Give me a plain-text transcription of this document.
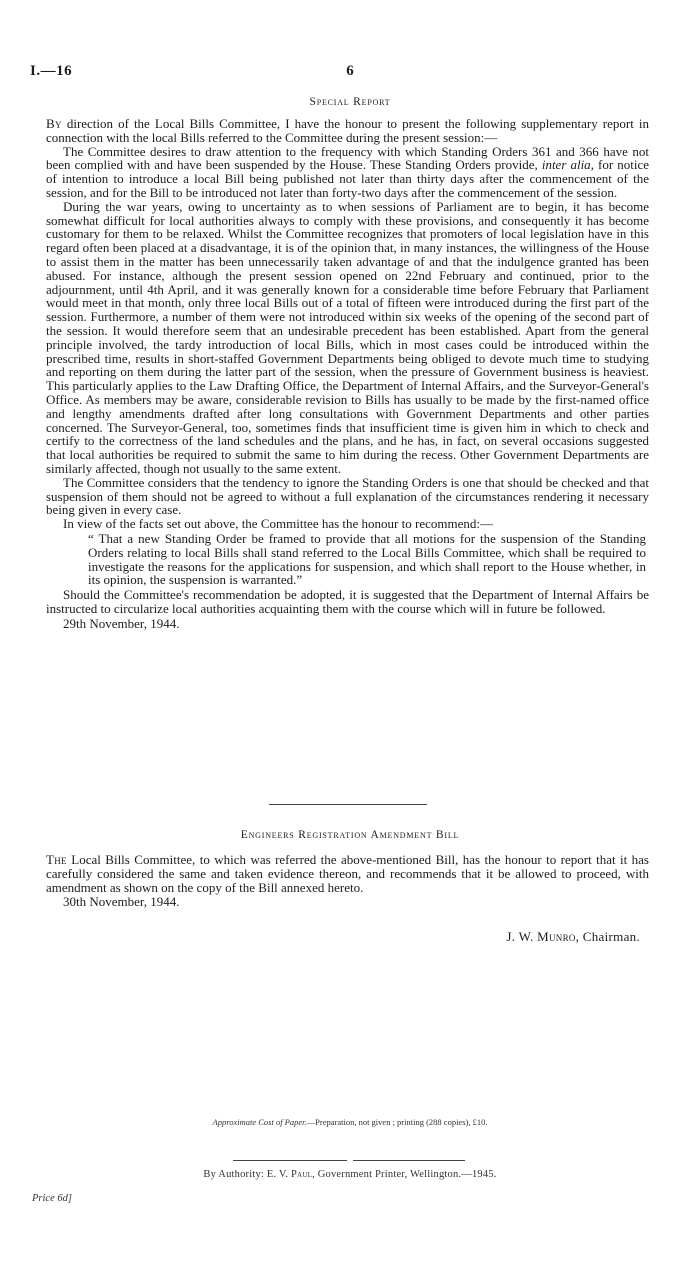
I.—16	6
Special Report

By direction of the Local Bills Committee, I have the honour to present the following supplementary report in connection with the local Bills referred to the Committee during the present session:—

The Committee desires to draw attention to the frequency with which Standing Orders 361 and 366 have not been complied with and have been suspended by the House. These Standing Orders provide, inter alia, for notice of intention to introduce a local Bill being published not later than thirty days after the commencement of the session, and for the Bill to be introduced not later than forty-two days after the commencement of the session.

During the war years, owing to uncertainty as to when sessions of Parliament are to begin, it has become somewhat difficult for local authorities always to comply with these provisions, and consequently it has become customary for them to be relaxed. Whilst the Committee recognizes that promoters of local legislation have in this regard often been placed at a disadvantage, it is of the opinion that, in many instances, the willingness of the House to assist them in the matter has been unnecessarily taken advantage of and that the indulgence granted has been abused. For instance, although the present session opened on 22nd February and continued, prior to the adjournment, until 4th April, and it was generally known for a considerable time before February that Parliament would meet in that month, only three local Bills out of a total of fifteen were introduced during the first part of the session. Furthermore, a number of them were not introduced within six weeks of the opening of the second part of the session. It would therefore seem that an undesirable precedent has been established. Apart from the general principle involved, the tardy introduction of local Bills, which in most cases could be introduced within the prescribed time, results in short-staffed Government Departments being obliged to devote much time to studying and reporting on them during the latter part of the session, when the pressure of Government business is heaviest. This particularly applies to the Law Drafting Office, the Department of Internal Affairs, and the Surveyor-General's Office. As members may be aware, considerable revision to Bills has usually to be made by the first-named office and lengthy amendments drafted after long consultations with Government Departments and other parties concerned. The Surveyor-General, too, sometimes finds that insufficient time is given him in which to check and certify to the correctness of the land schedules and the plans, and he has, in fact, on several occasions suggested that local authorities be required to submit the same to him during the recess. Other Government Departments are similarly affected, though not usually to the same extent.

The Committee considers that the tendency to ignore the Standing Orders is one that should be checked and that suspension of them should not be agreed to without a full explanation of the circumstances rendering it necessary being given in every case.

In view of the facts set out above, the Committee has the honour to recommend:—

“ That a new Standing Order be framed to provide that all motions for the suspension of the Standing Orders relating to local Bills shall stand referred to the Local Bills Committee, which shall be required to investigate the reasons for the applications for suspension, and which shall report to the House whether, in its opinion, the suspension is warranted.”

Should the Committee's recommendation be adopted, it is suggested that the Department of Internal Affairs be instructed to circularize local authorities acquainting them with the course which will in future be followed.

29th November, 1944.

Engineers Registration Amendment Bill

The Local Bills Committee, to which was referred the above-mentioned Bill, has the honour to report that it has carefully considered the same and taken evidence thereon, and recommends that it be allowed to proceed, with amendment as shown on the copy of the Bill annexed hereto.

30th November, 1944.

J. W. Munro, Chairman.
Approximate Cost of Paper.—Preparation, not given ; printing (288 copies), £10.
By Authority: E. V. Paul, Government Printer, Wellington.—1945.
Price 6d]
